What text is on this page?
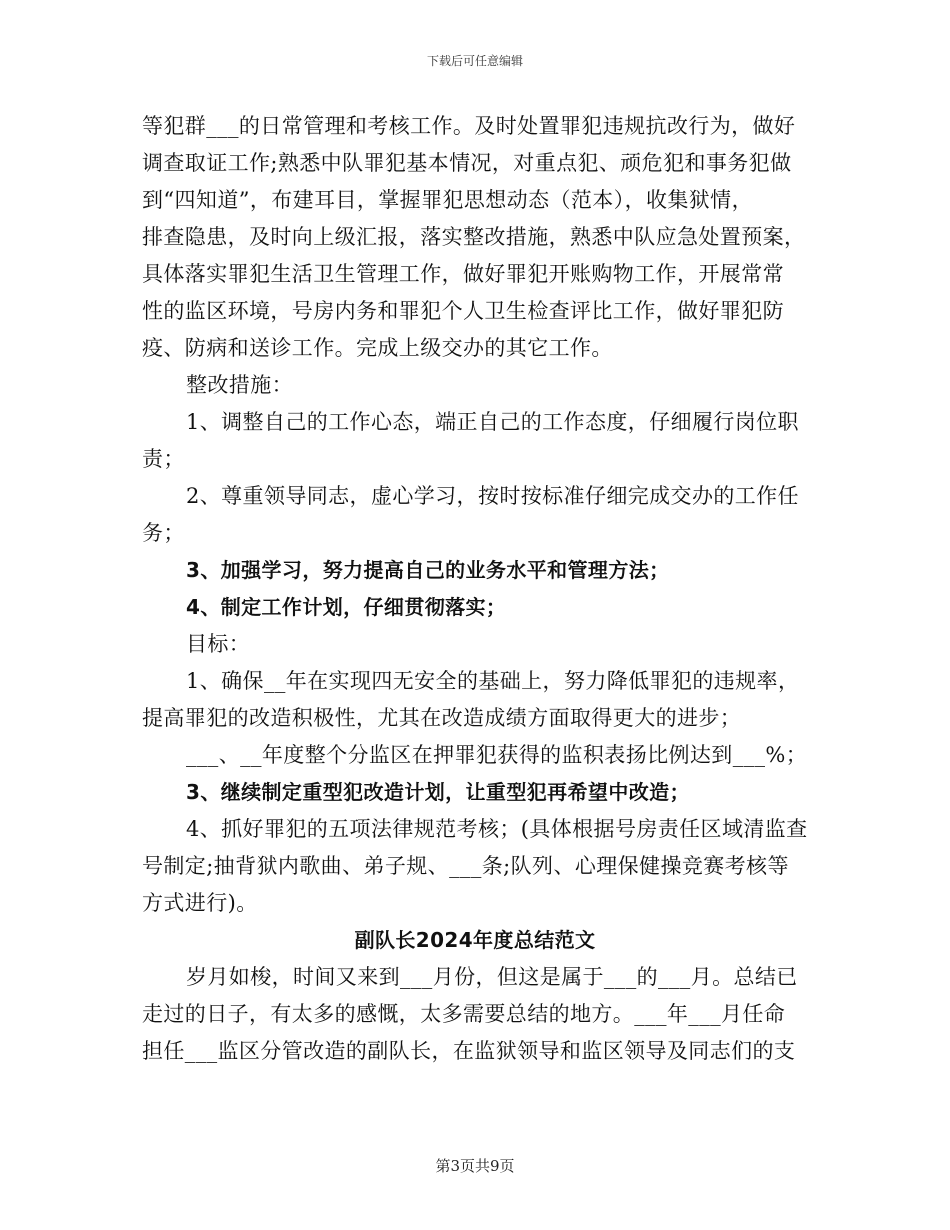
下载后可任意编辑
等犯群___的日常管理和考核工作。及时处置罪犯违规抗改行为，做好
调查取证工作;熟悉中队罪犯基本情况，对重点犯、顽危犯和事务犯做
到“四知道”，布建耳目，掌握罪犯思想动态（范本），收集狱情，
排查隐患，及时向上级汇报，落实整改措施，熟悉中队应急处置预案，
具体落实罪犯生活卫生管理工作，做好罪犯开账购物工作，开展常常
性的监区环境，号房内务和罪犯个人卫生检查评比工作，做好罪犯防
疫、防病和送诊工作。完成上级交办的其它工作。
整改措施：
1、调整自己的工作心态，端正自己的工作态度，仔细履行岗位职
责；
2、尊重领导同志，虚心学习，按时按标准仔细完成交办的工作任
务；
3、加强学习，努力提高自己的业务水平和管理方法；
4、制定工作计划，仔细贯彻落实；
目标：
1、确保__年在实现四无安全的基础上，努力降低罪犯的违规率，
提高罪犯的改造积极性，尤其在改造成绩方面取得更大的进步；
___、__年度整个分监区在押罪犯获得的监积表扬比例达到___%；
3、继续制定重型犯改造计划，让重型犯再希望中改造；
4、抓好罪犯的五项法律规范考核；(具体根据号房责任区域清监查
号制定;抽背狱内歌曲、弟子规、___条;队列、心理保健操竞赛考核等
方式进行)。
副队长2024年度总结范文
岁月如梭，时间又来到___月份，但这是属于___的___月。总结已
走过的日子，有太多的感慨，太多需要总结的地方。___年___月任命
担任___监区分管改造的副队长，在监狱领导和监区领导及同志们的支
第3页共9页
